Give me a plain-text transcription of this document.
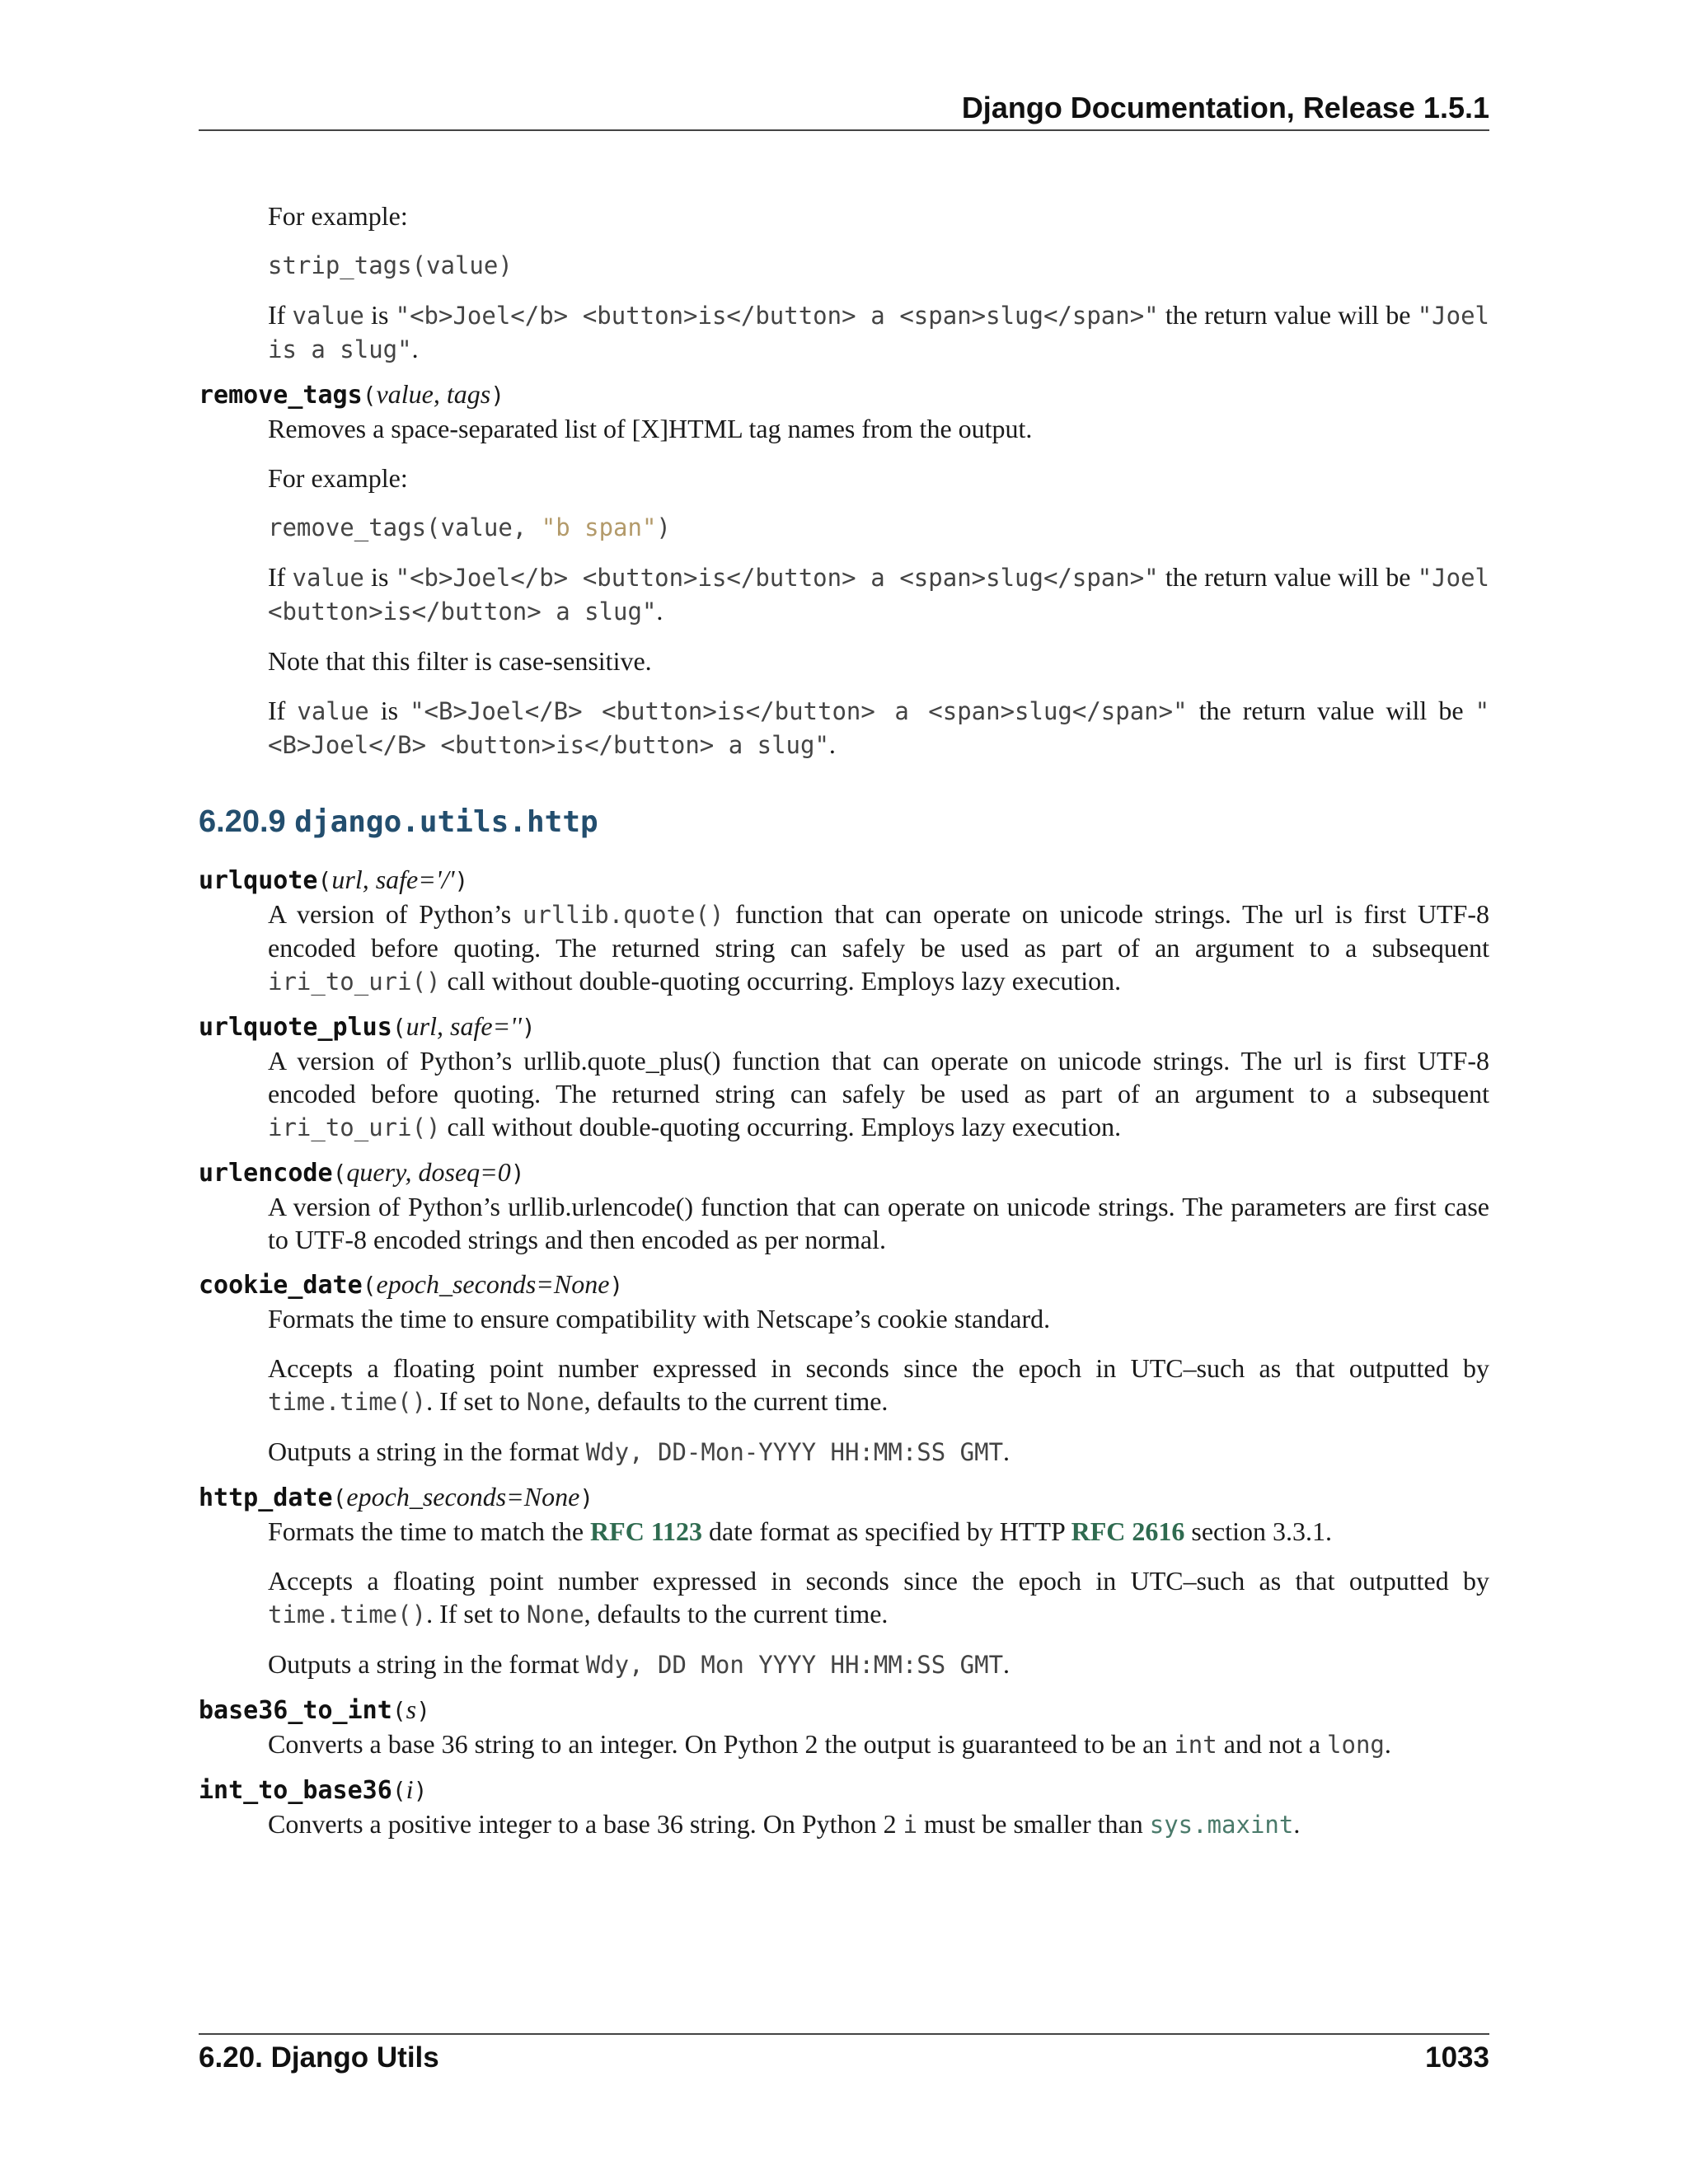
Django Documentation, Release 1.5.1

For example:

strip_tags(value)

If value is "<b>Joel</b> <button>is</button> a <span>slug</span>" the return value will be "Joel is a slug".

remove_tags(value, tags)

Removes a space-separated list of [X]HTML tag names from the output.

For example:

remove_tags(value, "b span")

If value is "<b>Joel</b> <button>is</button> a <span>slug</span>" the return value will be "Joel <button>is</button> a slug".

Note that this filter is case-sensitive.

If value is "<B>Joel</B> <button>is</button> a <span>slug</span>" the return value will be "<B>Joel</B> <button>is</button> a slug".

6.20.9 django.utils.http
urlquote(url, safe='/')

A version of Python’s urllib.quote() function that can operate on unicode strings. The url is first UTF-8 encoded before quoting. The returned string can safely be used as part of an argument to a subsequent iri_to_uri() call without double-quoting occurring. Employs lazy execution.

urlquote_plus(url, safe='')

A version of Python’s urllib.quote_plus() function that can operate on unicode strings. The url is first UTF-8 encoded before quoting. The returned string can safely be used as part of an argument to a subsequent iri_to_uri() call without double-quoting occurring. Employs lazy execution.

urlencode(query, doseq=0)

A version of Python’s urllib.urlencode() function that can operate on unicode strings. The parameters are first case to UTF-8 encoded strings and then encoded as per normal.

cookie_date(epoch_seconds=None)

Formats the time to ensure compatibility with Netscape’s cookie standard.

Accepts a floating point number expressed in seconds since the epoch in UTC–such as that outputted by time.time(). If set to None, defaults to the current time.

Outputs a string in the format Wdy, DD-Mon-YYYY HH:MM:SS GMT.

http_date(epoch_seconds=None)

Formats the time to match the RFC 1123 date format as specified by HTTP RFC 2616 section 3.3.1.

Accepts a floating point number expressed in seconds since the epoch in UTC–such as that outputted by time.time(). If set to None, defaults to the current time.

Outputs a string in the format Wdy, DD Mon YYYY HH:MM:SS GMT.

base36_to_int(s)

Converts a base 36 string to an integer. On Python 2 the output is guaranteed to be an int and not a long.

int_to_base36(i)

Converts a positive integer to a base 36 string. On Python 2 i must be smaller than sys.maxint.

6.20. Django Utils	1033
